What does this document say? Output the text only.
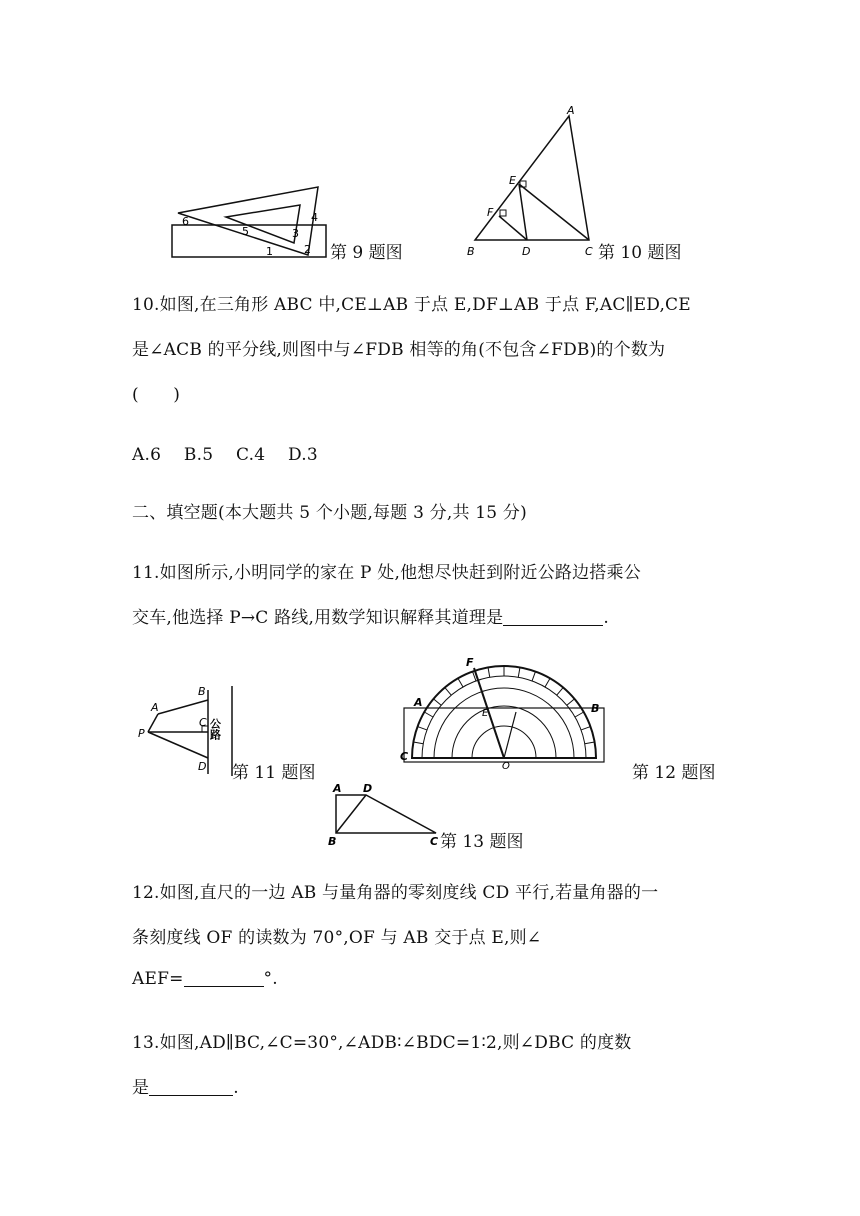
6
5	3
4
1	2 第 9 题图
A
E
F
B	D	C 第 10 题图
10.如图,在三角形 ABC 中,CE⊥AB 于点 E,DF⊥AB 于点 F,AC∥ED,CE
是∠ACB 的平分线,则图中与∠FDB 相等的角(不包含∠FDB)的个数为
(　　)
A.6　 B.5　 C.4　 D.3
二、填空题(本大题共 5 个小题,每题 3 分,共 15 分)
11.如图所示,小明同学的家在 P 处,他想尽快赶到附近公路边搭乘公
交车,他选择 P→C 路线,用数学知识解释其道理是	.
A
B
C
P
D
公路
第 11 题图
F
E	B
A
C
O	第 12 题图
A D
B	C 第 13 题图
12.如图,直尺的一边 AB 与量角器的零刻度线 CD 平行,若量角器的一
条刻度线 OF 的读数为 70°,OF 与 AB 交于点 E,则∠
AEF=	°.
13.如图,AD∥BC,∠C=30°,∠ADB∶∠BDC=1∶2,则∠DBC 的度数
是	.
